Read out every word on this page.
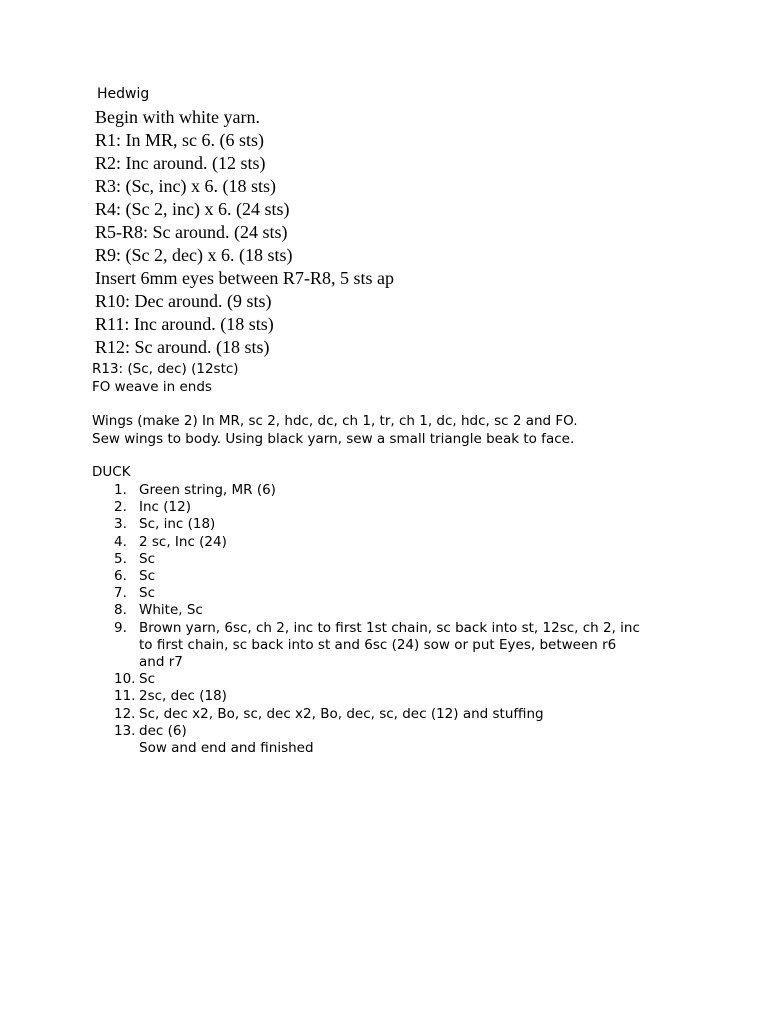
Hedwig
Begin with white yarn.
R1: In MR, sc 6. (6 sts)
R2: Inc around. (12 sts)
R3: (Sc, inc) x 6. (18 sts)
R4: (Sc 2, inc) x 6. (24 sts)
R5-R8: Sc around. (24 sts)
R9: (Sc 2, dec) x 6. (18 sts)
Insert 6mm eyes between R7-R8, 5 sts ap
R10: Dec around. (9 sts)
R11: Inc around. (18 sts)
R12: Sc around. (18 sts)
R13: (Sc, dec) (12stc)
FO weave in ends
Wings (make 2) In MR, sc 2, hdc, dc, ch 1, tr, ch 1, dc, hdc, sc 2 and FO.
Sew wings to body. Using black yarn, sew a small triangle beak to face.
DUCK
1. Green string, MR (6)
2. Inc (12)
3. Sc, inc (18)
4. 2 sc, Inc (24)
5. Sc
6. Sc
7. Sc
8. White, Sc
9. Brown yarn, 6sc, ch 2, inc to first 1st chain, sc back into st, 12sc, ch 2, inc
to first chain, sc back into st and 6sc (24) sow or put Eyes, between r6
and r7
10. Sc
11. 2sc, dec (18)
12. Sc, dec x2, Bo, sc, dec x2, Bo, dec, sc, dec (12) and stuffing
13. dec (6)
Sow and end and finished
